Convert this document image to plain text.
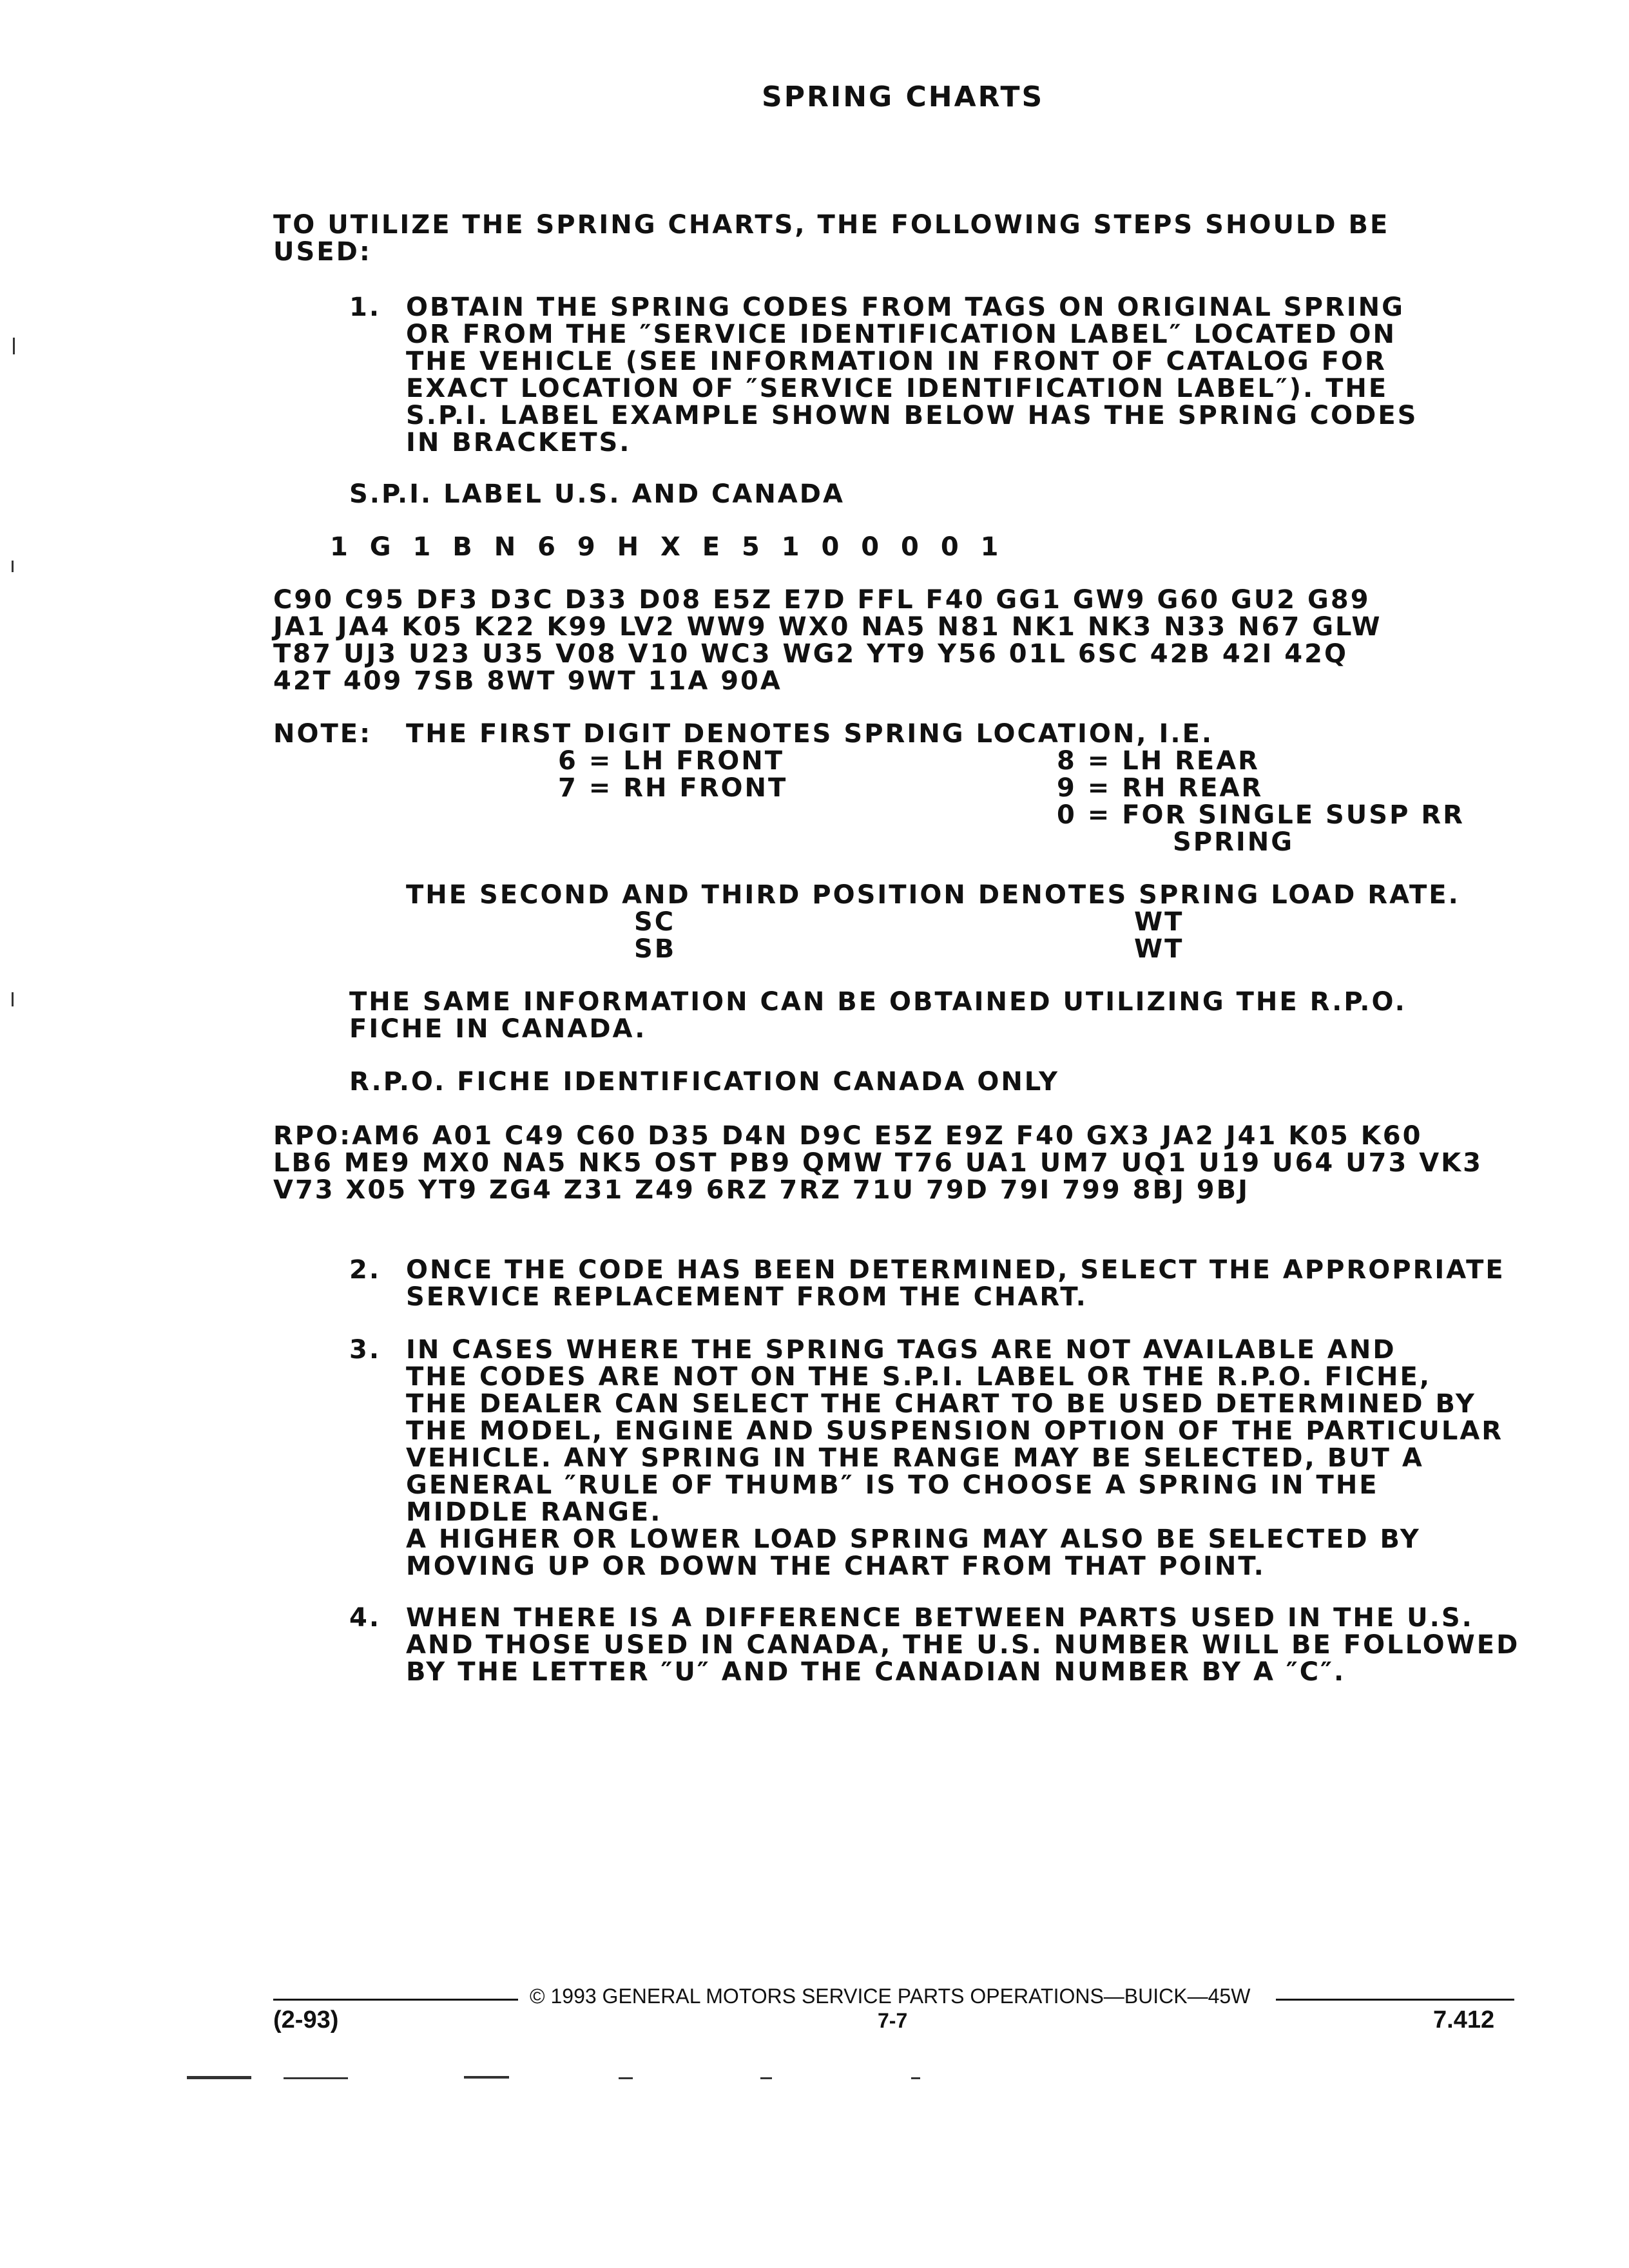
SPRING CHARTS
TO UTILIZE THE SPRING CHARTS, THE FOLLOWING STEPS SHOULD BE
USED:
1. OBTAIN THE SPRING CODES FROM TAGS ON ORIGINAL SPRING
OR FROM THE ″SERVICE IDENTIFICATION LABEL″ LOCATED ON
THE VEHICLE (SEE INFORMATION IN FRONT OF CATALOG FOR
EXACT LOCATION OF ″SERVICE IDENTIFICATION LABEL″). THE
S.P.I. LABEL EXAMPLE SHOWN BELOW HAS THE SPRING CODES
IN BRACKETS.
S.P.I. LABEL U.S. AND CANADA
1 G 1 B N 6 9 H X E 5 1 0 0 0 0 1
C90 C95 DF3 D3C D33 D08 E5Z E7D FFL F40 GG1 GW9 G60 GU2 G89
JA1 JA4 K05 K22 K99 LV2 WW9 WX0 NA5 N81 NK1 NK3 N33 N67 GLW
T87 UJ3 U23 U35 V08 V10 WC3 WG2 YT9 Y56 01L 6SC 42B 42I 42Q
42T 409 7SB 8WT 9WT 11A 90A
NOTE: THE FIRST DIGIT DENOTES SPRING LOCATION, I.E.
6 = LH FRONT
7 = RH FRONT
8 = LH REAR
9 = RH REAR
0 = FOR SINGLE SUSP RR
SPRING
THE SECOND AND THIRD POSITION DENOTES SPRING LOAD RATE.
SC
SB
WT
WT
THE SAME INFORMATION CAN BE OBTAINED UTILIZING THE R.P.O.
FICHE IN CANADA.
R.P.O. FICHE IDENTIFICATION CANADA ONLY
RPO:AM6 A01 C49 C60 D35 D4N D9C E5Z E9Z F40 GX3 JA2 J41 K05 K60
LB6 ME9 MX0 NA5 NK5 OST PB9 QMW T76 UA1 UM7 UQ1 U19 U64 U73 VK3
V73 X05 YT9 ZG4 Z31 Z49 6RZ 7RZ 71U 79D 79I 799 8BJ 9BJ
2. ONCE THE CODE HAS BEEN DETERMINED, SELECT THE APPROPRIATE
SERVICE REPLACEMENT FROM THE CHART.
3. IN CASES WHERE THE SPRING TAGS ARE NOT AVAILABLE AND
THE CODES ARE NOT ON THE S.P.I. LABEL OR THE R.P.O. FICHE,
THE DEALER CAN SELECT THE CHART TO BE USED DETERMINED BY
THE MODEL, ENGINE AND SUSPENSION OPTION OF THE PARTICULAR
VEHICLE. ANY SPRING IN THE RANGE MAY BE SELECTED, BUT A
GENERAL ″RULE OF THUMB″ IS TO CHOOSE A SPRING IN THE
MIDDLE RANGE.
A HIGHER OR LOWER LOAD SPRING MAY ALSO BE SELECTED BY
MOVING UP OR DOWN THE CHART FROM THAT POINT.
4. WHEN THERE IS A DIFFERENCE BETWEEN PARTS USED IN THE U.S.
AND THOSE USED IN CANADA, THE U.S. NUMBER WILL BE FOLLOWED
BY THE LETTER ″U″ AND THE CANADIAN NUMBER BY A ″C″.
© 1993 GENERAL MOTORS SERVICE PARTS OPERATIONS—BUICK—45W
(2-93)	7-7	7.412
